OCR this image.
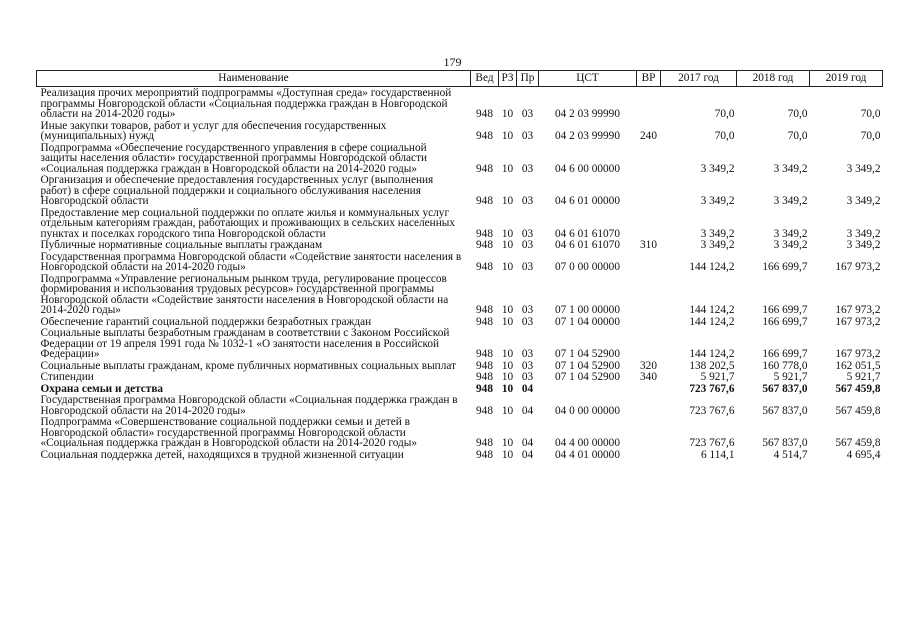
179
Наименование	Вед	РЗ	Пр	ЦСТ	ВР	2017 год	2018 год	2019 год
Реализация прочих мероприятий подпрограммы «Доступная среда» государственной программы Новгородской области «Социальная поддержка граждан в Новгородской области на 2014-2020 годы»	948	10	03	04 2 03 99990		70,0	70,0	70,0
Иные закупки товаров, работ и услуг для обеспечения государственных (муниципальных) нужд	948	10	03	04 2 03 99990	240	70,0	70,0	70,0
Подпрограмма «Обеспечение государственного управления в сфере социальной защиты населения области» государственной программы Новгородской области «Социальная поддержка граждан в Новгородской области на 2014-2020 годы»	948	10	03	04 6 00 00000		3 349,2	3 349,2	3 349,2
Организация и обеспечение предоставления государственных услуг (выполнения работ) в сфере социальной поддержки и социального обслуживания населения Новгородской области	948	10	03	04 6 01 00000		3 349,2	3 349,2	3 349,2
Предоставление мер социальной поддержки по оплате жилья и коммунальных услуг отдельным категориям граждан, работающих и проживающих в сельских населенных пунктах и поселках городского типа Новгородской области	948	10	03	04 6 01 61070		3 349,2	3 349,2	3 349,2
Публичные нормативные социальные выплаты гражданам	948	10	03	04 6 01 61070	310	3 349,2	3 349,2	3 349,2
Государственная программа Новгородской области «Содействие занятости населения в Новгородской области на 2014-2020 годы»	948	10	03	07 0 00 00000		144 124,2	166 699,7	167 973,2
Подпрограмма «Управление региональным рынком труда, регулирование процессов формирования и использования трудовых ресурсов» государственной программы Новгородской области «Содействие занятости населения в Новгородской области на 2014-2020 годы»	948	10	03	07 1 00 00000		144 124,2	166 699,7	167 973,2
Обеспечение гарантий социальной поддержки безработных граждан	948	10	03	07 1 04 00000		144 124,2	166 699,7	167 973,2
Социальные выплаты безработным гражданам в соответствии с Законом Российской Федерации от 19 апреля 1991 года № 1032-1 «О занятости населения в Российской Федерации»	948	10	03	07 1 04 52900		144 124,2	166 699,7	167 973,2
Социальные выплаты гражданам, кроме публичных нормативных социальных выплат	948	10	03	07 1 04 52900	320	138 202,5	160 778,0	162 051,5
Стипендии	948	10	03	07 1 04 52900	340	5 921,7	5 921,7	5 921,7
Охрана семьи и детства	948	10	04			723 767,6	567 837,0	567 459,8
Государственная программа Новгородской области «Социальная поддержка граждан в Новгородской области на 2014-2020 годы»	948	10	04	04 0 00 00000		723 767,6	567 837,0	567 459,8
Подпрограмма «Совершенствование социальной поддержки семьи и детей в Новгородской области» государственной программы Новгородской области «Социальная поддержка граждан в Новгородской области на 2014-2020 годы»	948	10	04	04 4 00 00000		723 767,6	567 837,0	567 459,8
Социальная поддержка детей, находящихся в трудной жизненной ситуации	948	10	04	04 4 01 00000		6 114,1	4 514,7	4 695,4
